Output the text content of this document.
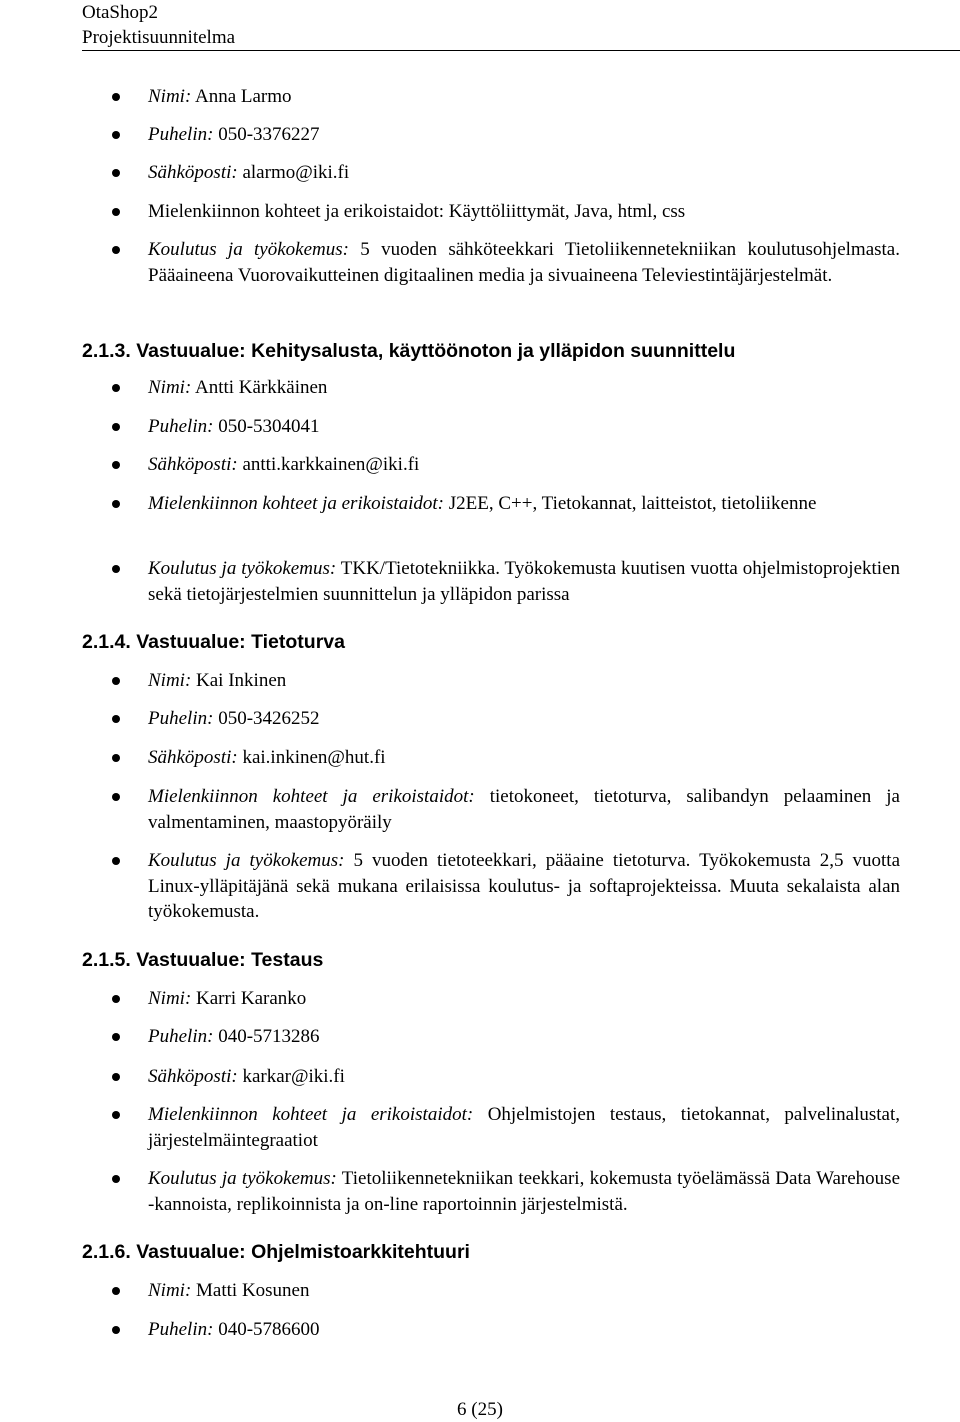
OtaShop2
Projektisuunnitelma
Nimi: Anna Larmo
Puhelin: 050-3376227
Sähköposti: alarmo@iki.fi
Mielenkiinnon kohteet ja erikoistaidot: Käyttöliittymät, Java, html, css
Koulutus ja työkokemus: 5 vuoden sähköteekkari Tietoliikennetekniikan koulutusohjelmasta. Pääaineena Vuorovaikutteinen digitaalinen media ja sivuaineena Televiestintäjärjestelmät.
2.1.3. Vastuualue: Kehitysalusta, käyttöönoton ja ylläpidon suunnittelu
Nimi: Antti Kärkkäinen
Puhelin: 050-5304041
Sähköposti: antti.karkkainen@iki.fi
Mielenkiinnon kohteet ja erikoistaidot: J2EE, C++, Tietokannat, laitteistot, tietoliikenne
Koulutus ja työkokemus: TKK/Tietotekniikka. Työkokemusta kuutisen vuotta ohjelmistoprojektien sekä tietojärjestelmien suunnittelun ja ylläpidon parissa
2.1.4. Vastuualue: Tietoturva
Nimi: Kai Inkinen
Puhelin: 050-3426252
Sähköposti: kai.inkinen@hut.fi
Mielenkiinnon kohteet ja erikoistaidot: tietokoneet, tietoturva, salibandyn pelaaminen ja valmentaminen, maastopyöräily
Koulutus ja työkokemus: 5 vuoden tietoteekkari, pääaine tietoturva. Työkokemusta 2,5 vuotta Linux-ylläpitäjänä sekä mukana erilaisissa koulutus- ja softaprojekteissa. Muuta sekalaista alan työkokemusta.
2.1.5. Vastuualue: Testaus
Nimi: Karri Karanko
Puhelin: 040-5713286
Sähköposti: karkar@iki.fi
Mielenkiinnon kohteet ja erikoistaidot: Ohjelmistojen testaus, tietokannat, palvelinalustat, järjestelmäintegraatiot
Koulutus ja työkokemus: Tietoliikennetekniikan teekkari, kokemusta työelämässä Data Warehouse -kannoista, replikoinnista ja on-line raportoinnin järjestelmistä.
2.1.6. Vastuualue: Ohjelmistoarkkitehtuuri
Nimi: Matti Kosunen
Puhelin: 040-5786600
6 (25)
